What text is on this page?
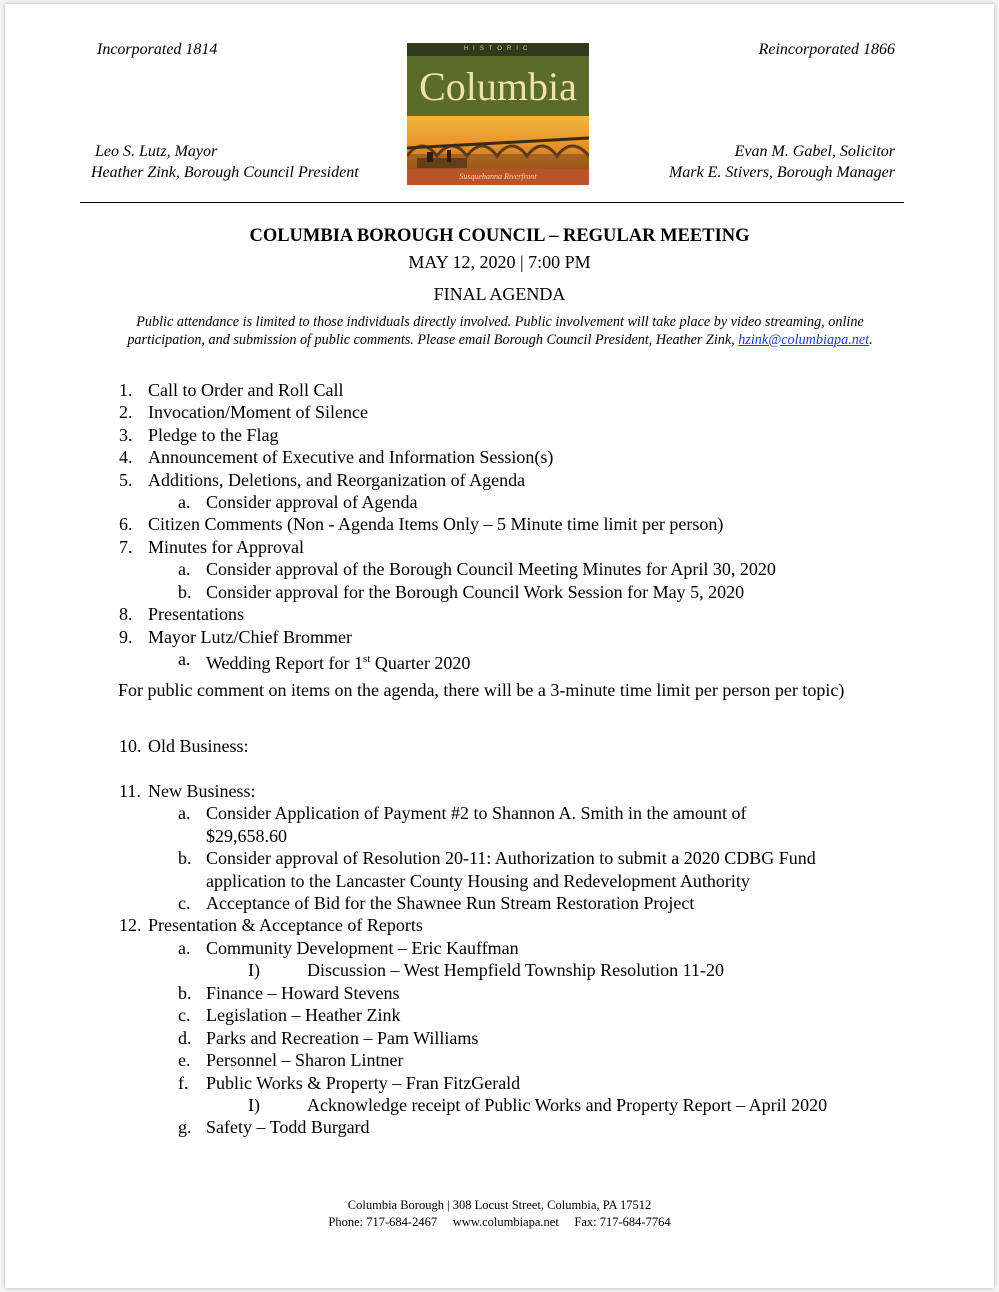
Incorporated 1814	Reincorporated 1866
HISTORIC
Columbia
Susquehanna Riverfront
Leo S. Lutz, Mayor
Heather Zink, Borough Council President
Evan M. Gabel, Solicitor
Mark E. Stivers, Borough Manager
COLUMBIA BOROUGH COUNCIL – REGULAR MEETING
MAY 12, 2020 | 7:00 PM
FINAL AGENDA
Public attendance is limited to those individuals directly involved. Public involvement will take place by video streaming, online participation, and submission of public comments. Please email Borough Council President, Heather Zink, hzink@columbiapa.net.
1. Call to Order and Roll Call
2. Invocation/Moment of Silence
3. Pledge to the Flag
4. Announcement of Executive and Information Session(s)
5. Additions, Deletions, and Reorganization of Agenda
a. Consider approval of Agenda
6. Citizen Comments (Non - Agenda Items Only – 5 Minute time limit per person)
7. Minutes for Approval
a. Consider approval of the Borough Council Meeting Minutes for April 30, 2020
b. Consider approval for the Borough Council Work Session for May 5, 2020
8. Presentations
9. Mayor Lutz/Chief Brommer
a. Wedding Report for 1st Quarter 2020
For public comment on items on the agenda, there will be a 3-minute time limit per person per topic)
10. Old Business:
11. New Business:
a. Consider Application of Payment #2 to Shannon A. Smith in the amount of
$29,658.60
b. Consider approval of Resolution 20-11: Authorization to submit a 2020 CDBG Fund
application to the Lancaster County Housing and Redevelopment Authority
c. Acceptance of Bid for the Shawnee Run Stream Restoration Project
12. Presentation & Acceptance of Reports
a. Community Development – Eric Kauffman
I)	Discussion – West Hempfield Township Resolution 11-20
b. Finance – Howard Stevens
c. Legislation – Heather Zink
d. Parks and Recreation – Pam Williams
e. Personnel – Sharon Lintner
f. Public Works & Property – Fran FitzGerald
I)	Acknowledge receipt of Public Works and Property Report – April 2020
g. Safety – Todd Burgard
Columbia Borough | 308 Locust Street, Columbia, PA 17512
Phone: 717-684-2467     www.columbiapa.net     Fax: 717-684-7764
